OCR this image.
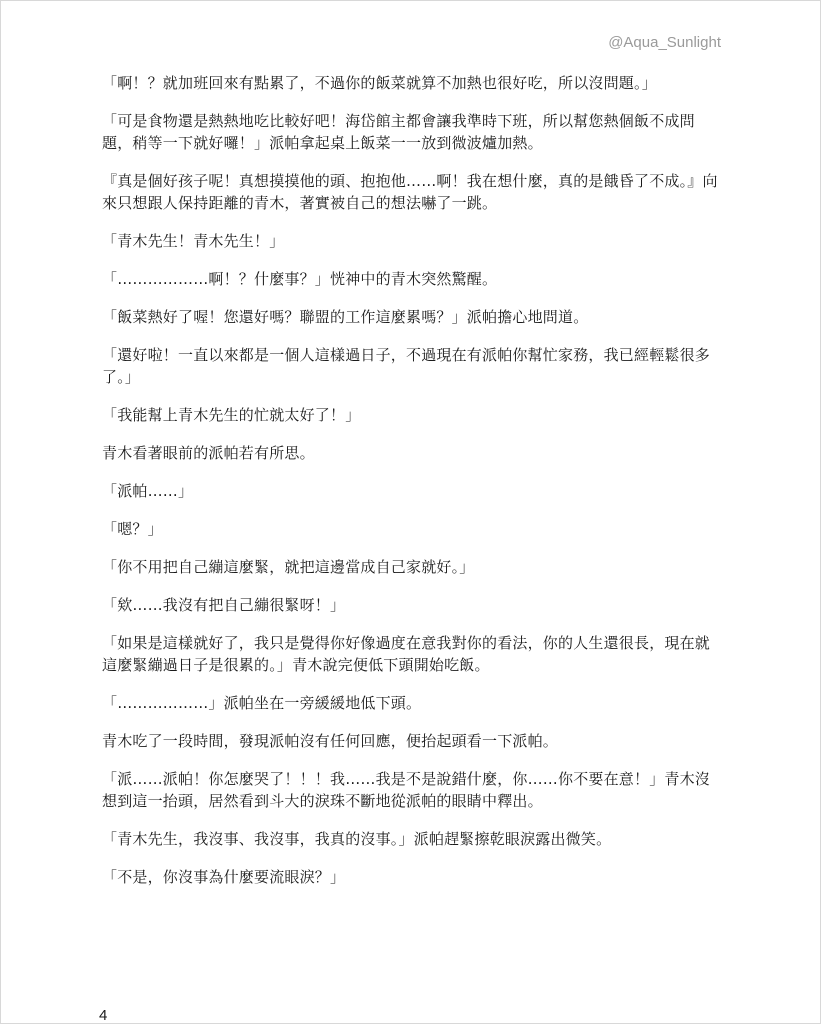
@Aqua_Sunlight

「啊！？就加班回來有點累了，不過你的飯菜就算不加熱也很好吃，所以沒問題。」

「可是食物還是熱熱地吃比較好吧！海岱館主都會讓我準時下班，所以幫您熱個飯不成問題，稍等一下就好囉！」派帕拿起桌上飯菜一一放到微波爐加熱。

『真是個好孩子呢！真想摸摸他的頭、抱抱他……啊！我在想什麼，真的是餓昏了不成。』向來只想跟人保持距離的青木，著實被自己的想法嚇了一跳。

「青木先生！青木先生！」

「………………啊！？什麼事？」恍神中的青木突然驚醒。

「飯菜熱好了喔！您還好嗎？聯盟的工作這麼累嗎？」派帕擔心地問道。

「還好啦！一直以來都是一個人這樣過日子，不過現在有派帕你幫忙家務，我已經輕鬆很多了。」

「我能幫上青木先生的忙就太好了！」

青木看著眼前的派帕若有所思。

「派帕……」

「嗯？」

「你不用把自己繃這麼緊，就把這邊當成自己家就好。」

「欸……我沒有把自己繃很緊呀！」

「如果是這樣就好了，我只是覺得你好像過度在意我對你的看法，你的人生還很長，現在就這麼緊繃過日子是很累的。」青木說完便低下頭開始吃飯。

「………………」派帕坐在一旁緩緩地低下頭。

青木吃了一段時間，發現派帕沒有任何回應，便抬起頭看一下派帕。

「派……派帕！你怎麼哭了！！！我……我是不是說錯什麼，你……你不要在意！」青木沒想到這一抬頭，居然看到斗大的淚珠不斷地從派帕的眼睛中釋出。

「青木先生，我沒事、我沒事，我真的沒事。」派帕趕緊擦乾眼淚露出微笑。

「不是，你沒事為什麼要流眼淚？」

4
